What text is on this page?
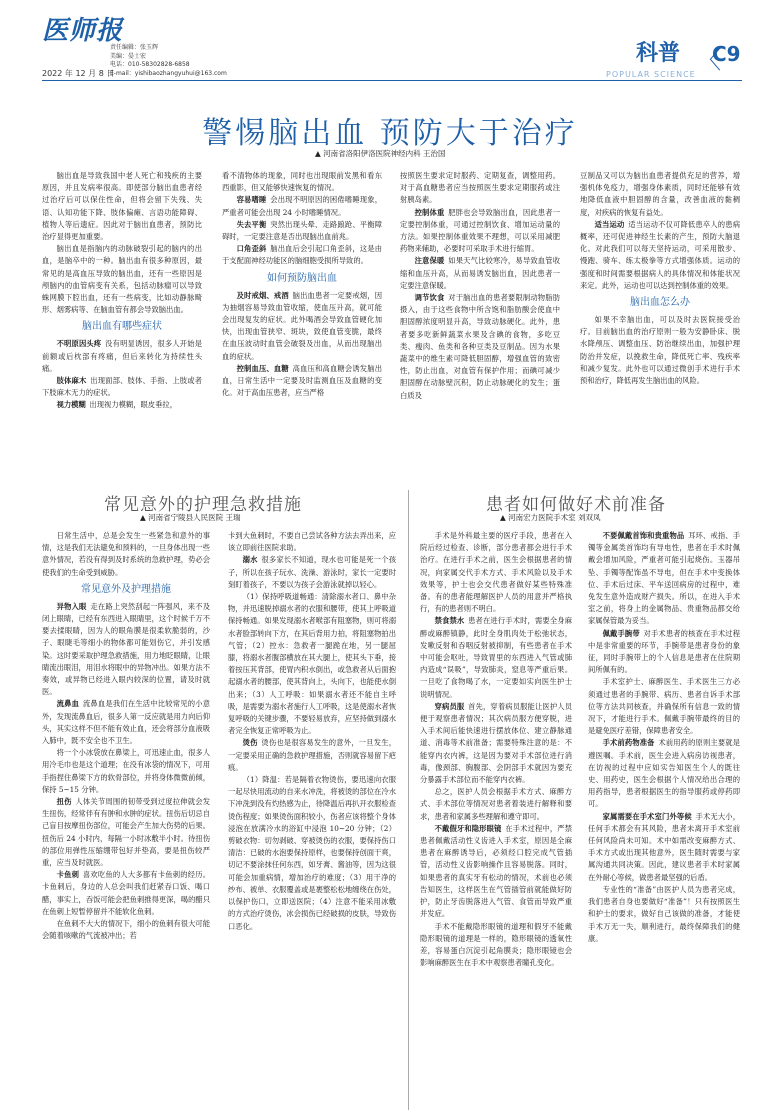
医师报
责任编辑：张玉辉
美编：晏士宏
电话：010-58302828-6858
E-mail：yishibaozhangyuhui@163.com
2022 年 12 月 8 日
科普 〈
C9
POPULAR SCIENCE
警惕脑出血 预防大于治疗
▲ 河南省洛阳伊洛医院神经内科 王治国

脑出血是导致我国中老人死亡和残疾的主要原因，并且发病率很高。即使部分脑出血患者经过治疗后可以保住性命，但将会留下失残、失语、认知功能下降、肢体偏瘫、言语功能障碍、植物人等后遗症。因此对于脑出血患者，预防比治疗显得更加重要。

脑出血是指脑内的动脉破裂引起的脑内的出血，是脑卒中的一种。脑出血有很多种原因，最常见的是高血压导致的脑出血，还有一些原因是颅脑内的血管病变有关系，包括动脉瘤可以导致蛛网膜下腔出血，还有一些病变，比如动静脉畸形、烟雾病等、在脑血管有都会导致脑出血。

脑出血有哪些症状

不明原因头疼 没有明显诱因，很多人开始是前额或后枕部有疼痛，但后来转化为持续性头痛。

肢体麻木 出现面部、肢体、手指、上肢或者下肢麻木无力的症状。

视力模糊 出现视力模糊，眼皮垂拉，

看不清物体的现象，同时也出现眼前发黑和看东西重影，但又能够快速恢复的情况。

容易嗜睡 会出现不明原因的困倦嗜睡现象，严重者可能会出现 24 小时嗜睡情况。

失去平衡 突然出现头晕、走路踉跄、平衡障碍时，一定要注意是否出现脑出血前兆。

口角歪斜 脑出血后会引起口角歪斜，这是由于支配面神经功能区的脑细胞受损所导致的。

如何预防脑出血

及时戒烟、戒酒 脑出血患者一定要戒烟，因为抽烟容易导致血管收缩，使血压升高，就可能会出现复发的症状。此外喝酒会导致血管硬化加快，出现血管狭窄、斑块，致使血管变脆，最终在血压波动时血管会破裂及出血，从而出现脑出血的症状。

控制血压、血糖 高血压和高血糖会诱发脑出血，日常生活中一定要及时监测血压及血糖的变化。对于高血压患者，应当严格

按照医生要求定时服药、定期复查，调整用药。对于高血糖患者应当按照医生要求定期服药或注射胰岛素。

控制体重 肥胖也会导致脑出血，因此患者一定要控制体重，可通过控制饮食、增加运动量的方法。如果控制体重效果不理想，可以采用减肥药物来辅助，必要时可采取手术进行缩胃。

注意保暖 如果天气比较寒冷，易导致血管收缩和血压升高，从而易诱发脑出血，因此患者一定要注意保暖。

调节饮食 对于脑出血的患者要限制动物脂肪摄入，由于这些食物中所含饱和脂肪酸会使血中胆固醇浓度明显升高，导致动脉硬化。此外，患者要多吃新鲜蔬菜水果及含碘的食物，多吃豆类、瘦肉、鱼类和各种豆类及豆制品。因为水果蔬菜中的维生素可降低胆固醇，增强血管的致密性，防止出血，对血管有保护作用；而碘可减少胆固醇在动脉壁沉积，防止动脉硬化的发生；蛋白质及

豆制品又可以为脑出血患者提供充足的营养，增强机体免疫力，增强身体素质，同时还能够有效地降低血液中胆固醇的含量，改善血液的黏稠度，对疾病的恢复有益处。

适当运动 适当运动不仅可降低患卒人的患病概率，还可促进神经生长素的产生，预防大脑退化。对此我们可以每天坚持运动，可采用散步、慢跑、骑车、练太极拳等方式增强体质。运动的强度和时间需要根据病人的具体情况和体能状况来定。此外，运动也可以达到控制体重的效果。

脑出血怎么办

如果不幸脑出血，可以及时去医院接受治疗。目前脑出血的治疗原则一般为安静卧床、脱水降颅压、调整血压、防治继续出血，加强护理防治并发症，以挽救生命，降低死亡率、残疾率和减少复发。此外也可以通过微创手术进行手术预和治疗，降低再发生脑出血的风险。

常见意外的护理急救措施
▲ 河南省宁陵县人民医院 王瑞

日常生活中，总是会发生一些紧急和意外的事情，这是我们无法避免和预料的，一旦身体出现一些意外情况，若没有得到及时系统的急救护理，势必会使我们的生命受到威胁。

常见意外及护理措施

异物入眼 走在路上突然刮起一阵强风，来不及闭上眼睛，已经有东西进入眼睛里，这个时候千万不要去揉眼睛，因为人的眼角膜是很柔软脆弱的，沙子、眼睫毛等细小的物体都可能划伤它，并引发感染。这时要采取护理急救措施，用力地眨眼睛，让眼睛流出眼泪，用泪水将眼中的异物冲出。如果方法不奏效，或异物已经进入眼内较深的位置，请及时就医。

流鼻血 流鼻血是我们在生活中比较常见的小意外，发现流鼻血后，很多人第一反应就是用力向后仰头，其实这样不但不能有效止血，还会将部分血液吸入肺中，既不安全也不卫生。

将一个小冰袋放在鼻梁上，可迅速止血，很多人用冷毛巾也是这个道理；在没有冰袋的情况下，可用手指捏住鼻梁下方的软骨部位，并将身体微微前倾，保持 5~15 分钟。

扭伤 人体关节周围的韧带受到过度拉伸就会发生扭伤，经常伴有有肿和水肿的症状。扭伤后切忌自己盲目按摩扭伤部位，可能会产生加大伤势的后果。扭伤后 24 小时内，每隔一小时冰敷半小时。待扭伤的部位用弹性压缩绷带包好并垫高，要是扭伤较严重，应当及时就医。

卡鱼刺 喜欢吃鱼的人大多都有卡鱼刺的经历。卡鱼刺后，身边的人总会叫我们赶紧吞口饭、喝口醋，事实上，吞饭可能会把鱼刺推得更深，喝的醋只在鱼刺上短暂停留并不能软化鱼刺。

在鱼刺不大大的情况下，细小的鱼刺有很大可能会随着咳嗽的气流被冲出；若

卡到大鱼刺时，不要自己尝试各种方法去弄出来，应该立即前往医院求助。

溺水 很多家长不知道，现水也可能是死一个孩子，所以在孩子玩水、洗澡、游泳时，家长一定要时刻盯着孩子，不要以为孩子会游泳就掉以轻心。

（1）保持呼吸道畅通：清除溺水者口、鼻中杂物，并迅速脱掉溺水者的衣服和腰带，使其上呼吸道保持畅通。如果发现溺水者喉部有阻塞物，则可将溺水者脸部转向下方，在其后背用力拍，将阻塞物拍出气管；（2）控水：急救者一腿跪在地，另一腿屈膝，将溺水者腹部横放在其大腿上，使其头下垂，接着按压其背部，使胃内积水倒出，或急救者从后面抱起溺水者的腰部，使其背向上，头向下，也能使水倒出来；（3）人工呼吸：如果溺水者还不能自主呼吸，是需要为溺水者施行人工呼吸，这是使溺水者恢复呼吸的关键步骤，不要轻易放弃，应坚持做到溺水者完全恢复正常呼吸为止。

烫伤 烫伤也是很容易发生的意外，一旦发生，一定要采用正确的急救护理措施，否则就容易留下疤痕。

（1）降温：若是隔着衣物烫伤，要迅速向衣服一起尽快用流动的自来水冲洗，将被烫的部位在冷水下冲洗到没有灼热感为止，待降温后再扒开衣服检查烫伤程度；如果烫伤面积较小，伤者应该将整个身体浸泡在放满冷水的浴缸中浸泡 10~20 分钟；（2）剪破衣物：切勿剥破、穿被烫伤的衣服，要保持伤口清洁：已破的水泡要保持原样，也要保持创面干爽，切记不要涂抹任何东西，如牙膏、酱油等，因为这很可能会加重病情，增加治疗的难度；（3）用干净的纱布、被单、衣服覆盖或是裹整松松地缠绕在伤处，以保护伤口，立即送医院；（4）注意不能采用冰敷的方式治疗烫伤，冰会损伤已经破损的皮肤，导致伤口恶化。

患者如何做好术前准备
▲ 河南宏力医院手术室 刘双凤

手术是外科最主要的医疗手段，患者在入院后经过检查、诊断，部分患者都会进行手术治疗。在进行手术之前，医生会根据患者的情况，向家属交代手术方式、手术风险以及手术效果等，护士也会交代患者做好某些特殊准备。有的患者能理解医护人员的用意并严格执行，有的患者则不明白。

禁食禁水 患者在进行手术时，需要全身麻醉或麻醉镇静，此时全身肌肉处于松弛状态，发嗽反射和吞咽反射被抑制，有些患者在手术中可能会呕吐，导致胃里的东西进入气管或肺内造成“误吸”，导致肺炎，窒息等严重后果。一旦吃了食物喝了水，一定要如实向医生护士说明情况。

穿病员服 首先，穿着病员服能让医护人员便于观察患者情况；其次病员服方便穿脱，进入手术间后能快速进行摆放体位、建立静脉通道、消毒等术前准备；需要特殊注意的是：不能穿内衣内裤，这是因为要对手术部位进行消毒，像颈部、胸腹部、会阴部手术就因为要充分暴露手术部位而不能穿内衣裤。

总之，医护人员会根据手术方式、麻醉方式、手术部位等情况对患者着装进行解释和要求，患者和家属多些理解和遵守即可。

不戴假牙和隐形眼镜 在手术过程中，严禁患者佩戴活动性义齿进入手术室，原因是全麻患者在麻醉诱导后，必须经口腔完成气管插管，活动性义齿影响操作且容易脱落。同时，如果患者的真实牙有松动的情况，术前也必须告知医生，这样医生在气管插管前就能做好防护，防止牙齿脱落进入气管、食管而导致严重并发症。

手术不能戴隐形眼镜的道理和假牙不能戴隐形眼镜的道理是一样的，隐形眼镜的透氧性差，容易蛋白沉淀引起角膜炎；隐形眼镜也会影响麻醉医生在手术中观察患者瞳孔变化。

不要佩戴首饰和贵重物品 耳环、戒指、手镯等金属类首饰均有导电性，患者在手术时佩戴会增加风险，严重者可能引起烧伤。玉器吊坠、手镯等配饰虽不导电，但在手术中变换体位、手术后过床、平车送回病房的过程中，难免发生意外造成财产损失。所以，在进入手术室之前，将身上的金属物品、贵重物品都交给家属保管最为妥当。

佩戴手腕带 对手术患者的核查在手术过程中是非常重要的环节，手腕带是患者身份的象征，同时手腕带上的个人信息是患者在住院期间所佩有的。

手术室护士、麻醉医生、手术医生三方必须通过患者的手腕带、病历、患者自诉手术部位等方法共同核查，并确保所有信息一致的情况下，才能进行手术。佩戴手腕带最终的目的是避免医疗差错，保障患者安全。

手术前药物准备 术前用药的原则主要就是遵医嘱。手术前，医生会进入病房访视患者，在访视的过程中应如实告知医生个人的既往史、用药史，医生会根据个人情况给出合理的用药指导，患者根据医生的指导服药或停药即可。

家属需要在手术室门外等候 手术无大小，任何手术都会有其风险，患者未离开手术室前任何风险尚未可知。术中如需改变麻醉方式、手术方式或出现其他意外，医生随时需要与家属沟通共同决策。因此，建议患者手术时家属在外耐心等候，做患者最坚强的后盾。

专业性的“准备”由医护人员为患者完成，我们患者自身也要做好“准备”！只有按照医生和护士的要求，做好自己该做的准备，才能使手术万无一失，顺利进行，最终保障我们的健康。
